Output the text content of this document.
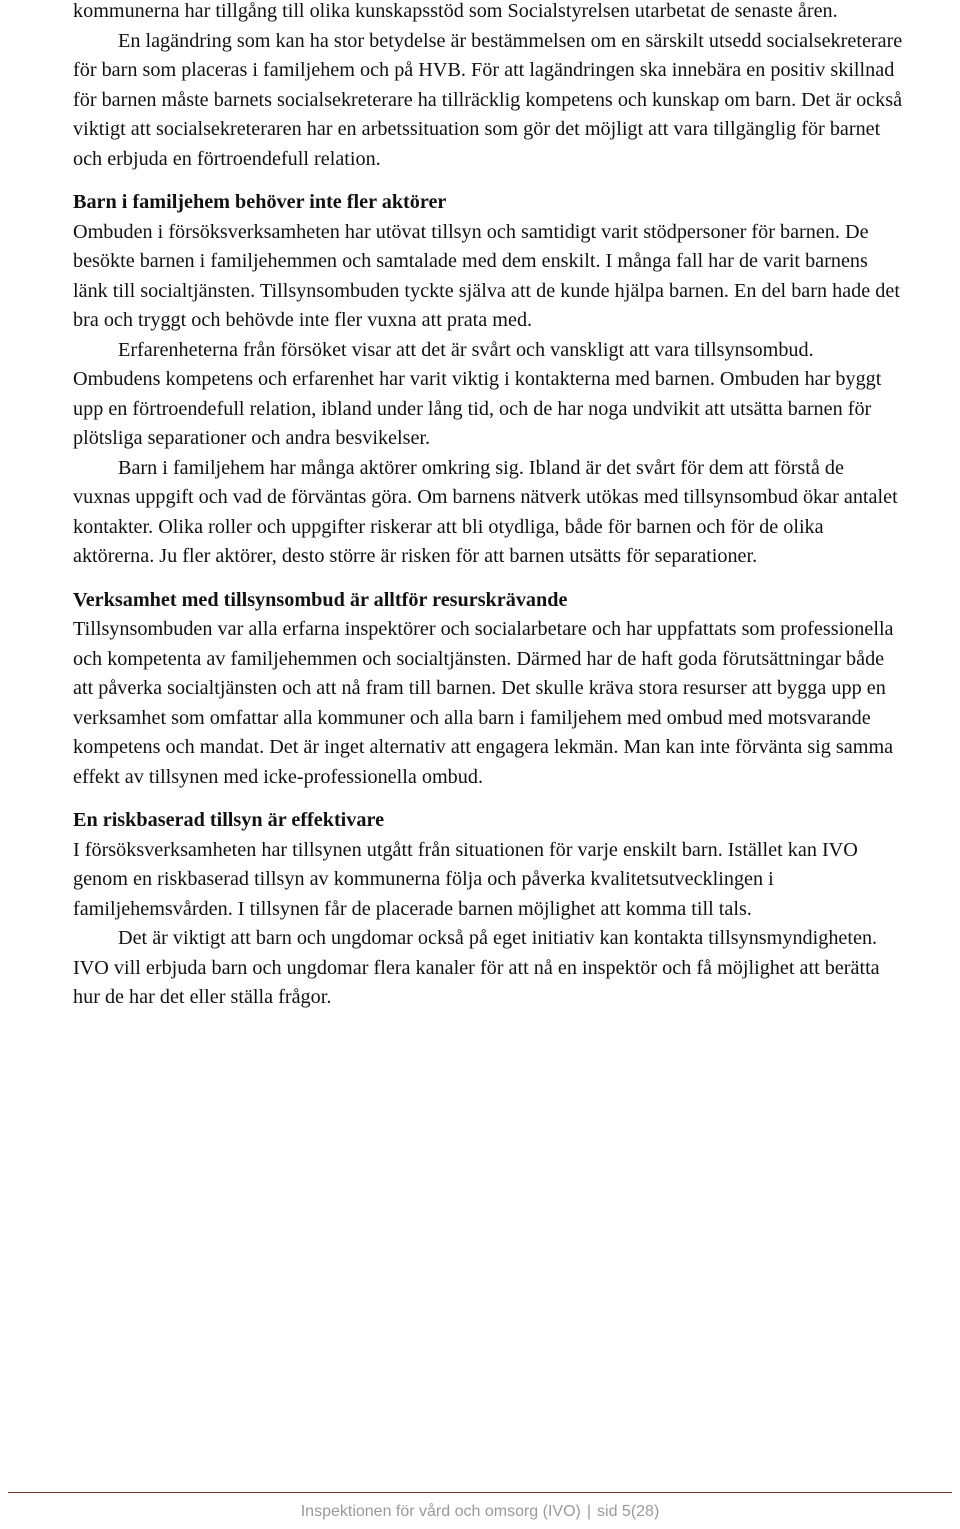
kommunerna har tillgång till olika kunskapsstöd som Socialstyrelsen utarbetat de senaste åren.

En lagändring som kan ha stor betydelse är bestämmelsen om en särskilt utsedd socialsekreterare för barn som placeras i familjehem och på HVB. För att lagändringen ska innebära en positiv skillnad för barnen måste barnets socialsekreterare ha tillräcklig kompetens och kunskap om barn. Det är också viktigt att socialsekreteraren har en arbetssituation som gör det möjligt att vara tillgänglig för barnet och erbjuda en förtroendefull relation.

Barn i familjehem behöver inte fler aktörer

Ombuden i försöksverksamheten har utövat tillsyn och samtidigt varit stödpersoner för barnen. De besökte barnen i familjehemmen och samtalade med dem enskilt. I många fall har de varit barnens länk till socialtjänsten. Tillsynsombuden tyckte själva att de kunde hjälpa barnen. En del barn hade det bra och tryggt och behövde inte fler vuxna att prata med.

Erfarenheterna från försöket visar att det är svårt och vanskligt att vara tillsynsombud. Ombudens kompetens och erfarenhet har varit viktig i kontakterna med barnen. Ombuden har byggt upp en förtroendefull relation, ibland under lång tid, och de har noga undvikit att utsätta barnen för plötsliga separationer och andra besvikelser.

Barn i familjehem har många aktörer omkring sig. Ibland är det svårt för dem att förstå de vuxnas uppgift och vad de förväntas göra. Om barnens nätverk utökas med tillsynsombud ökar antalet kontakter. Olika roller och uppgifter riskerar att bli otydliga, både för barnen och för de olika aktörerna. Ju fler aktörer, desto större är risken för att barnen utsätts för separationer.

Verksamhet med tillsynsombud är alltför resurskrävande

Tillsynsombuden var alla erfarna inspektörer och socialarbetare och har uppfattats som professionella och kompetenta av familjehemmen och socialtjänsten. Därmed har de haft goda förutsättningar både att påverka socialtjänsten och att nå fram till barnen. Det skulle kräva stora resurser att bygga upp en verksamhet som omfattar alla kommuner och alla barn i familjehem med ombud med motsvarande kompetens och mandat. Det är inget alternativ att engagera lekmän. Man kan inte förvänta sig samma effekt av tillsynen med icke-professionella ombud.

En riskbaserad tillsyn är effektivare

I försöksverksamheten har tillsynen utgått från situationen för varje enskilt barn. Istället kan IVO genom en riskbaserad tillsyn av kommunerna följa och påverka kvalitetsutvecklingen i familjehemsvården. I tillsynen får de placerade barnen möjlighet att komma till tals.

Det är viktigt att barn och ungdomar också på eget initiativ kan kontakta tillsynsmyndigheten. IVO vill erbjuda barn och ungdomar flera kanaler för att nå en inspektör och få möjlighet att berätta hur de har det eller ställa frågor.

Inspektionen för vård och omsorg (IVO) | sid 5(28)
